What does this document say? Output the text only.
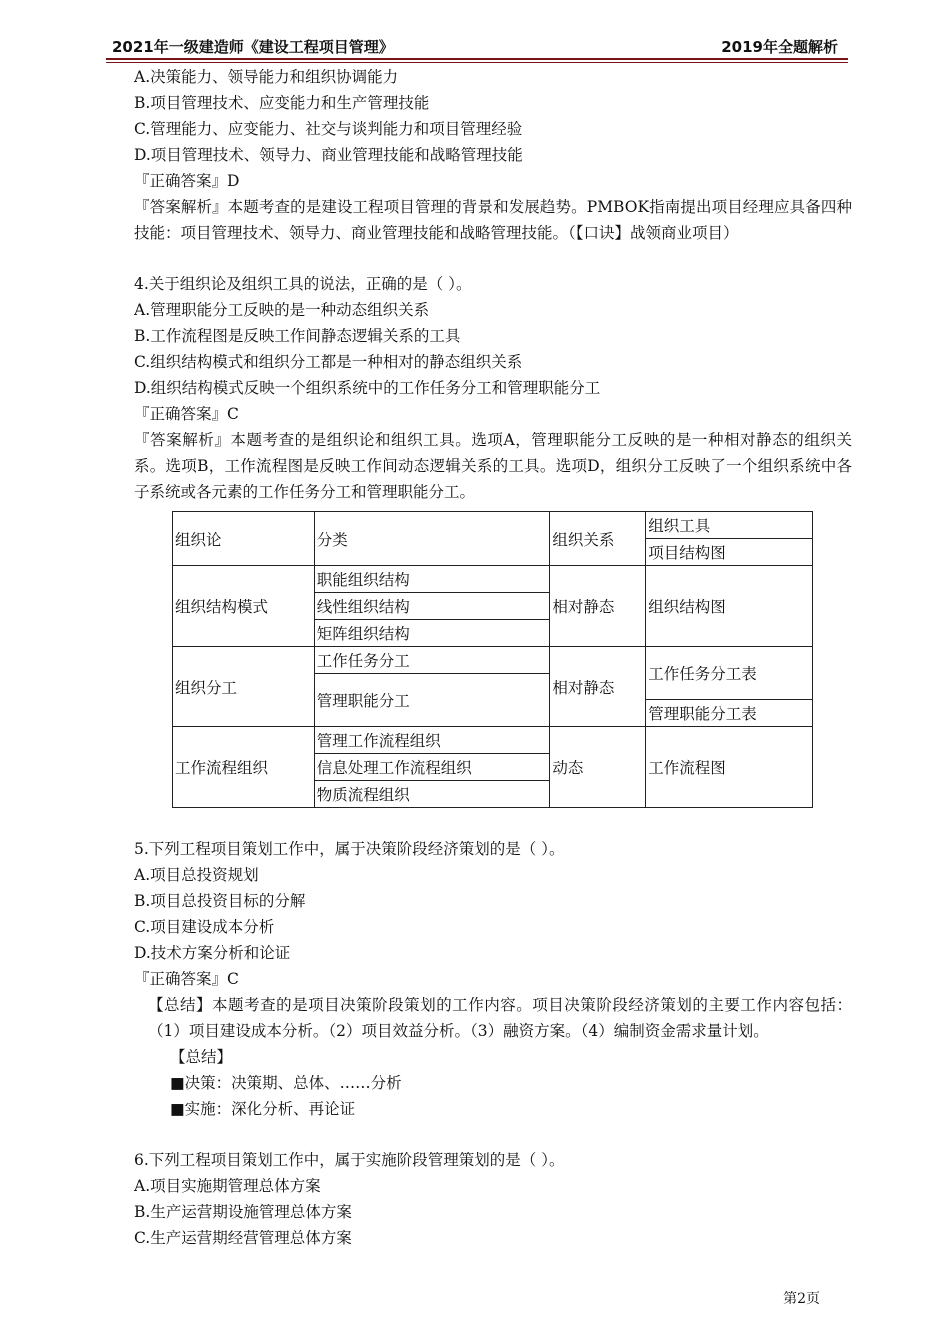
2021年一级建造师《建设工程项目管理》	2019年全题解析
A.决策能力、领导能力和组织协调能力
B.项目管理技术、应变能力和生产管理技能
C.管理能力、应变能力、社交与谈判能力和项目管理经验
D.项目管理技术、领导力、商业管理技能和战略管理技能
『正确答案』D
『答案解析』本题考查的是建设工程项目管理的背景和发展趋势。PMBOK指南提出项目经理应具备四种技能：项目管理技术、领导力、商业管理技能和战略管理技能。（【口诀】战领商业项目）
4.关于组织论及组织工具的说法，正确的是（ ）。
A.管理职能分工反映的是一种动态组织关系
B.工作流程图是反映工作间静态逻辑关系的工具
C.组织结构模式和组织分工都是一种相对的静态组织关系
D.组织结构模式反映一个组织系统中的工作任务分工和管理职能分工
『正确答案』C
『答案解析』本题考查的是组织论和组织工具。选项A，管理职能分工反映的是一种相对静态的组织关系。选项B，工作流程图是反映工作间动态逻辑关系的工具。选项D，组织分工反映了一个组织系统中各子系统或各元素的工作任务分工和管理职能分工。
组织论	分类	组织关系	组织工具
			项目结构图
组织结构模式	职能组织结构	相对静态	组织结构图
	线性组织结构		
	矩阵组织结构		
组织分工	工作任务分工	相对静态	工作任务分工表
	管理职能分工		
			管理职能分工表
工作流程组织	管理工作流程组织	动态	工作流程图
	信息处理工作流程组织		
	物质流程组织		
5.下列工程项目策划工作中，属于决策阶段经济策划的是（ ）。
A.项目总投资规划
B.项目总投资目标的分解
C.项目建设成本分析
D.技术方案分析和论证
『正确答案』C
【总结】本题考查的是项目决策阶段策划的工作内容。项目决策阶段经济策划的主要工作内容包括：（1）项目建设成本分析。（2）项目效益分析。（3）融资方案。（4）编制资金需求量计划。
【总结】
■决策：决策期、总体、……分析
■实施：深化分析、再论证
6.下列工程项目策划工作中，属于实施阶段管理策划的是（ ）。
A.项目实施期管理总体方案
B.生产运营期设施管理总体方案
C.生产运营期经营管理总体方案
第2页
